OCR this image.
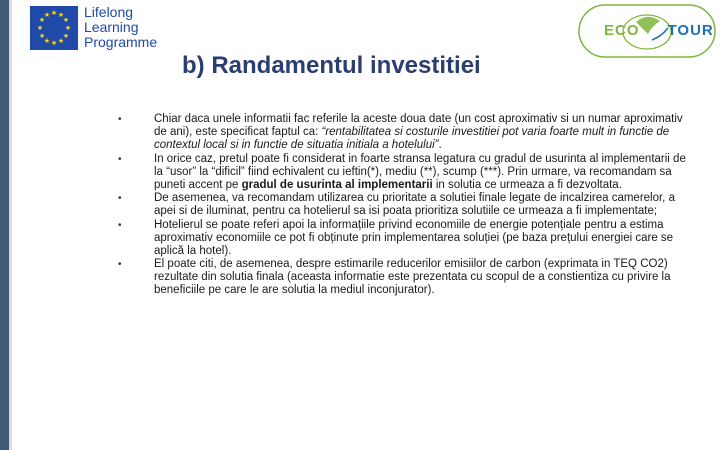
★ ★
★
★
★
★
★
★
★
★
★
★ Lifelong
Learning
Programme
ECO TOUR
b) Randamentul investitiei
•	Chiar daca unele informatii fac referile la aceste doua date (un cost aproximativ si un numar aproximativ de ani), este specificat faptul ca: “rentabilitatea si costurile investitiei pot varia foarte mult in functie de contextul local si in functie de situatia initiala a hotelului”.
•	In orice caz, pretul poate fi considerat in foarte stransa legatura cu gradul de usurinta al implementarii de la “usor” la “dificil” fiind echivalent cu ieftin(*), mediu (**), scump (***). Prin urmare, va recomandam sa puneti accent pe gradul de usurinta al implementarii in solutia ce urmeaza a fi dezvoltata.
•	De asemenea, va recomandam utilizarea cu prioritate a solutiei finale legate de incalzirea camerelor, a apei si de iluminat, pentru ca hotelierul sa isi poata prioritiza solutiile ce urmeaza a fi implementate;
•	Hotelierul se poate referi apoi la informațiile privind economiile de energie potențiale pentru a estima aproximativ economiile ce pot fi obținute prin implementarea soluției (pe baza prețului energiei care se aplică la hotel).
•	El poate citi, de asemenea, despre estimarile reducerilor emisiilor de carbon (exprimata in TEQ CO2) rezultate din solutia finala (aceasta informatie este prezentata cu scopul de a constientiza cu privire la beneficiile pe care le are solutia la mediul inconjurator).
